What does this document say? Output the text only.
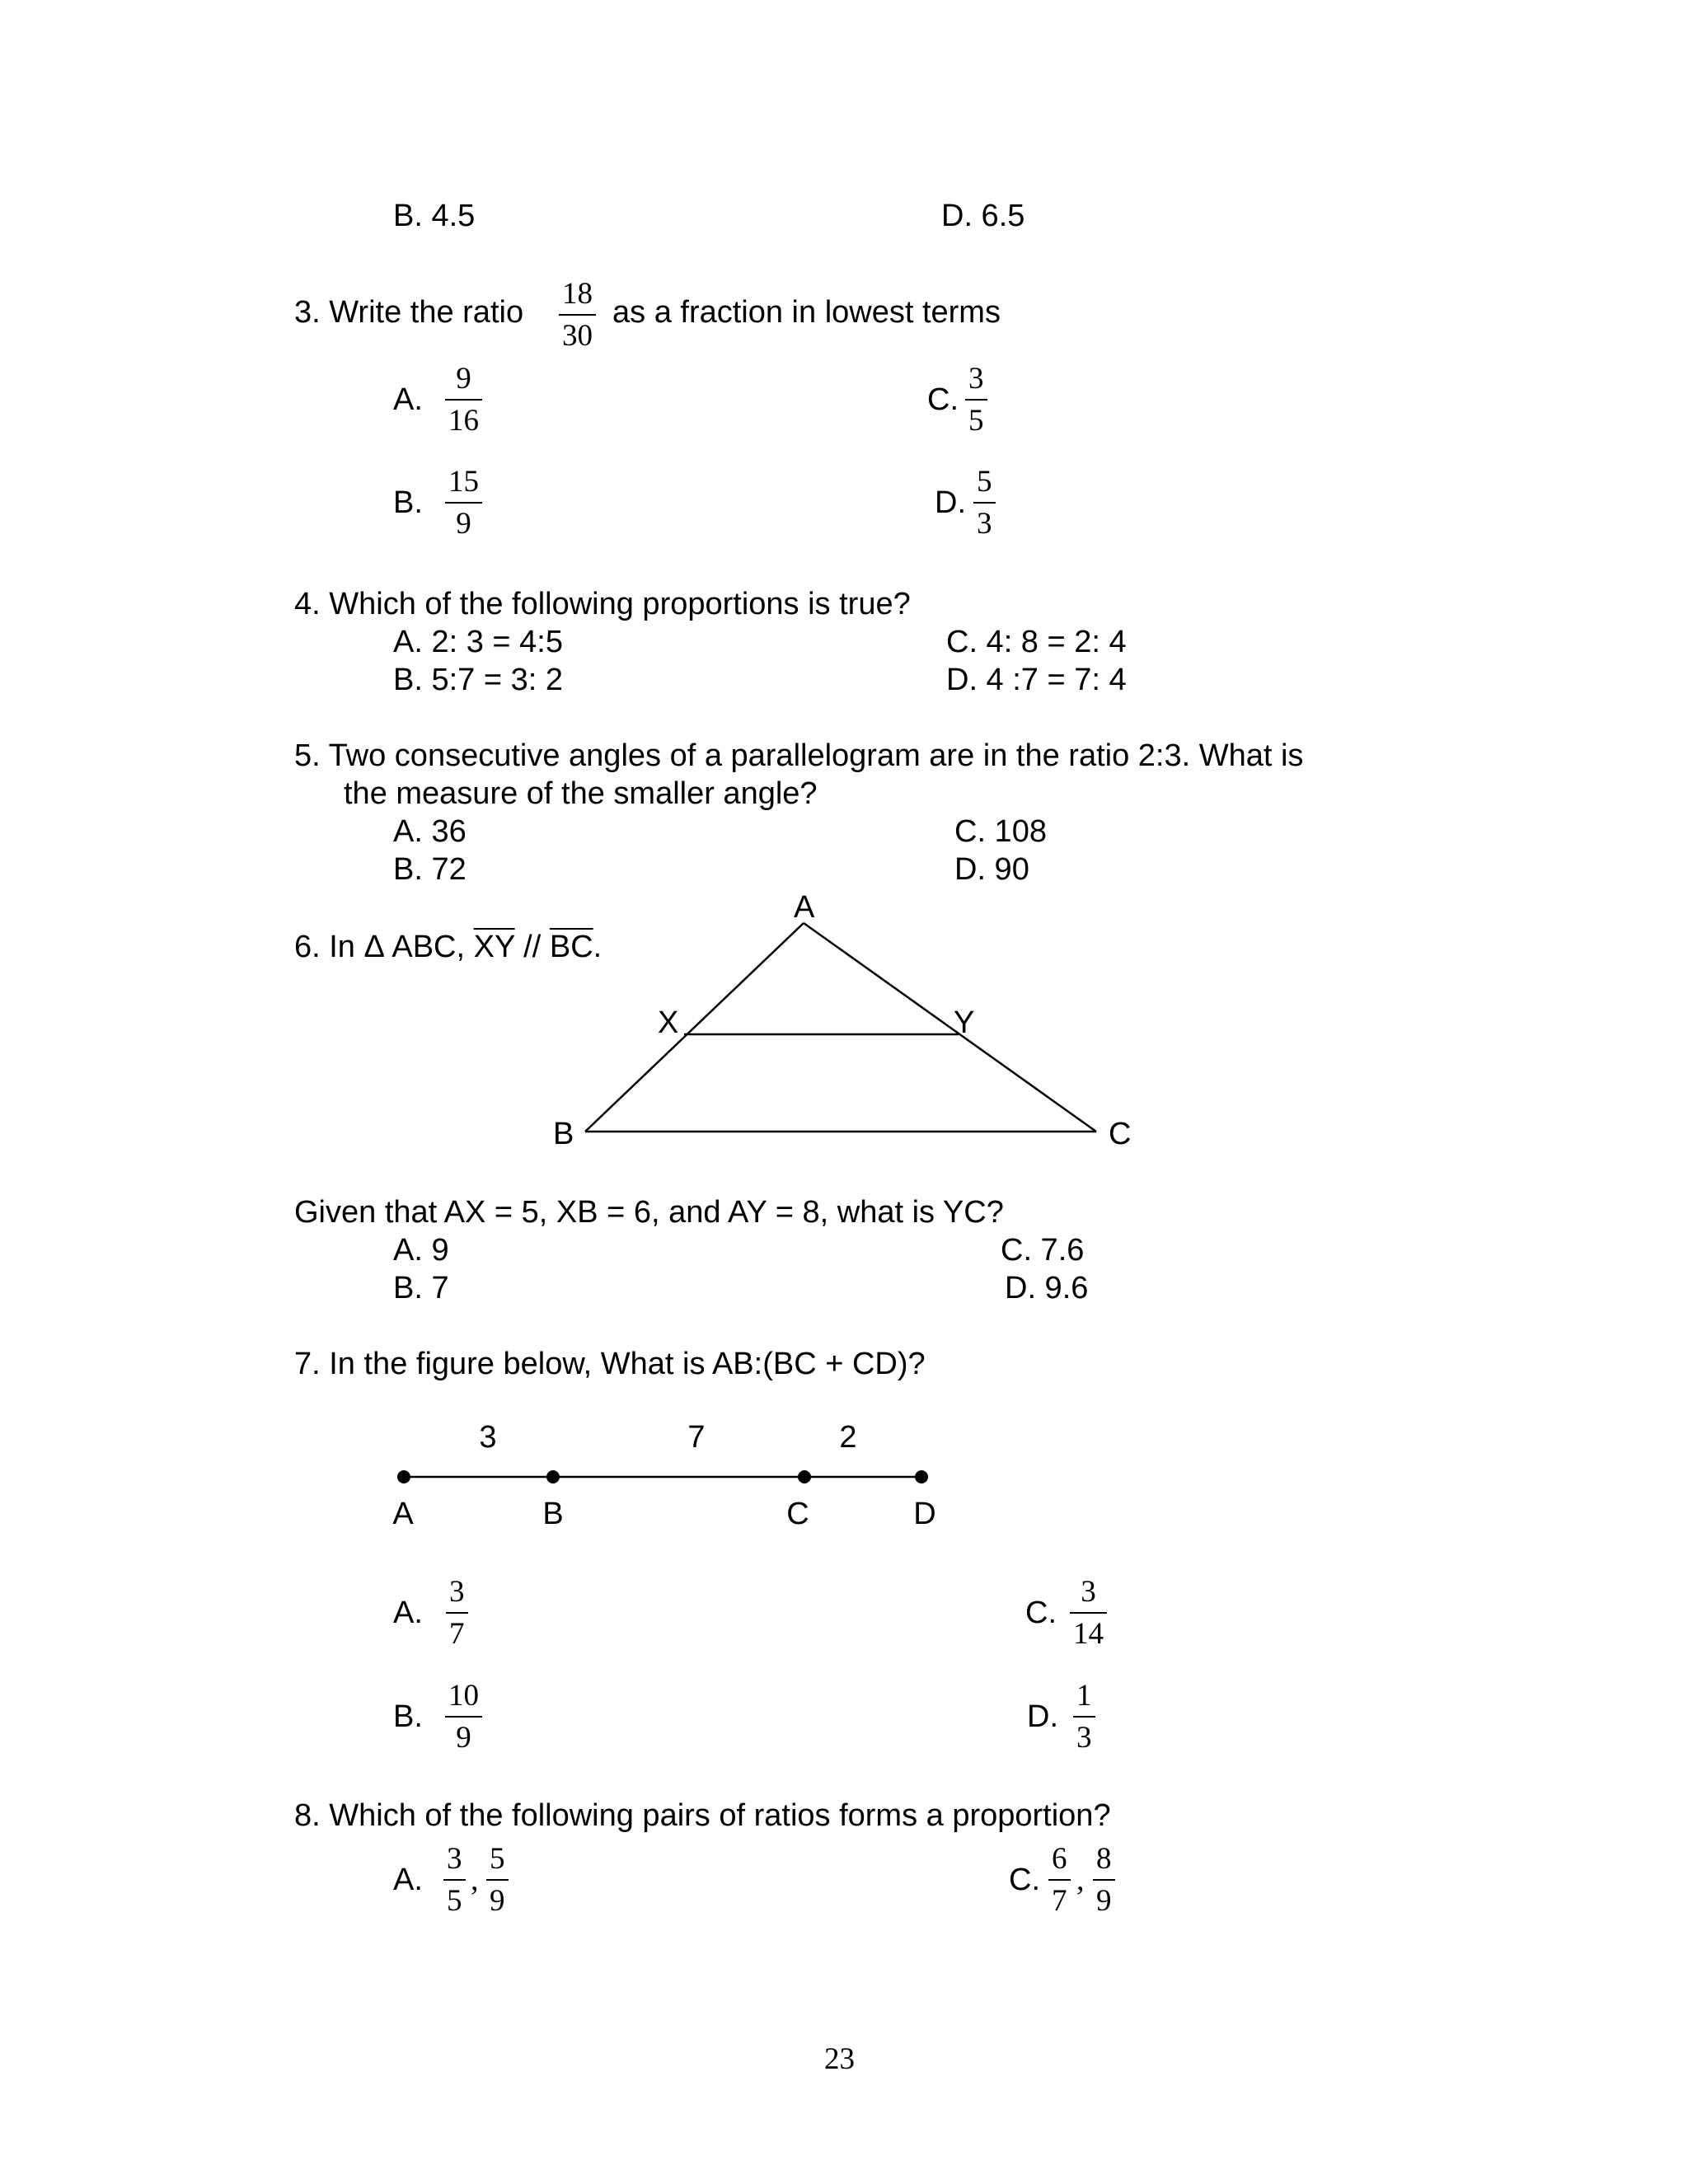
B. 4.5	D. 6.5
3. Write the ratio $\frac{18}{30}$ as a fraction in lowest terms
A. $\frac{9}{16}$	C. $\frac{3}{5}$
B. $\frac{15}{9}$	D. $\frac{5}{3}$
4. Which of the following proportions is true?
A. 2: 3 = 4:5	C. 4: 8 = 2: 4
B. 5:7 = 3: 2	D. 4 :7 = 7: 4
5. Two consecutive angles of a parallelogram are in the ratio 2:3. What is
the measure of the smaller angle?
A. 36	C. 108
B. 72	D. 90
6. In Δ ABC, $\overline{XY} // \overline{BC}$.
A
B	C
X	Y
Given that AX = 5, XB = 6, and AY = 8, what is YC?
A. 9	C. 7.6
B. 7	D. 9.6
7. In the figure below, What is AB:(BC + CD)?
3	7	2
A	B	C	D
A. $\frac{3}{7}$	C. $\frac{3}{14}$
B. $\frac{10}{9}$	D. $\frac{1}{3}$
8. Which of the following pairs of ratios forms a proportion?
A. $\frac{3}{5}$ , $\frac{5}{9}$	C. $\frac{6}{7}$ , $\frac{8}{9}$
23
